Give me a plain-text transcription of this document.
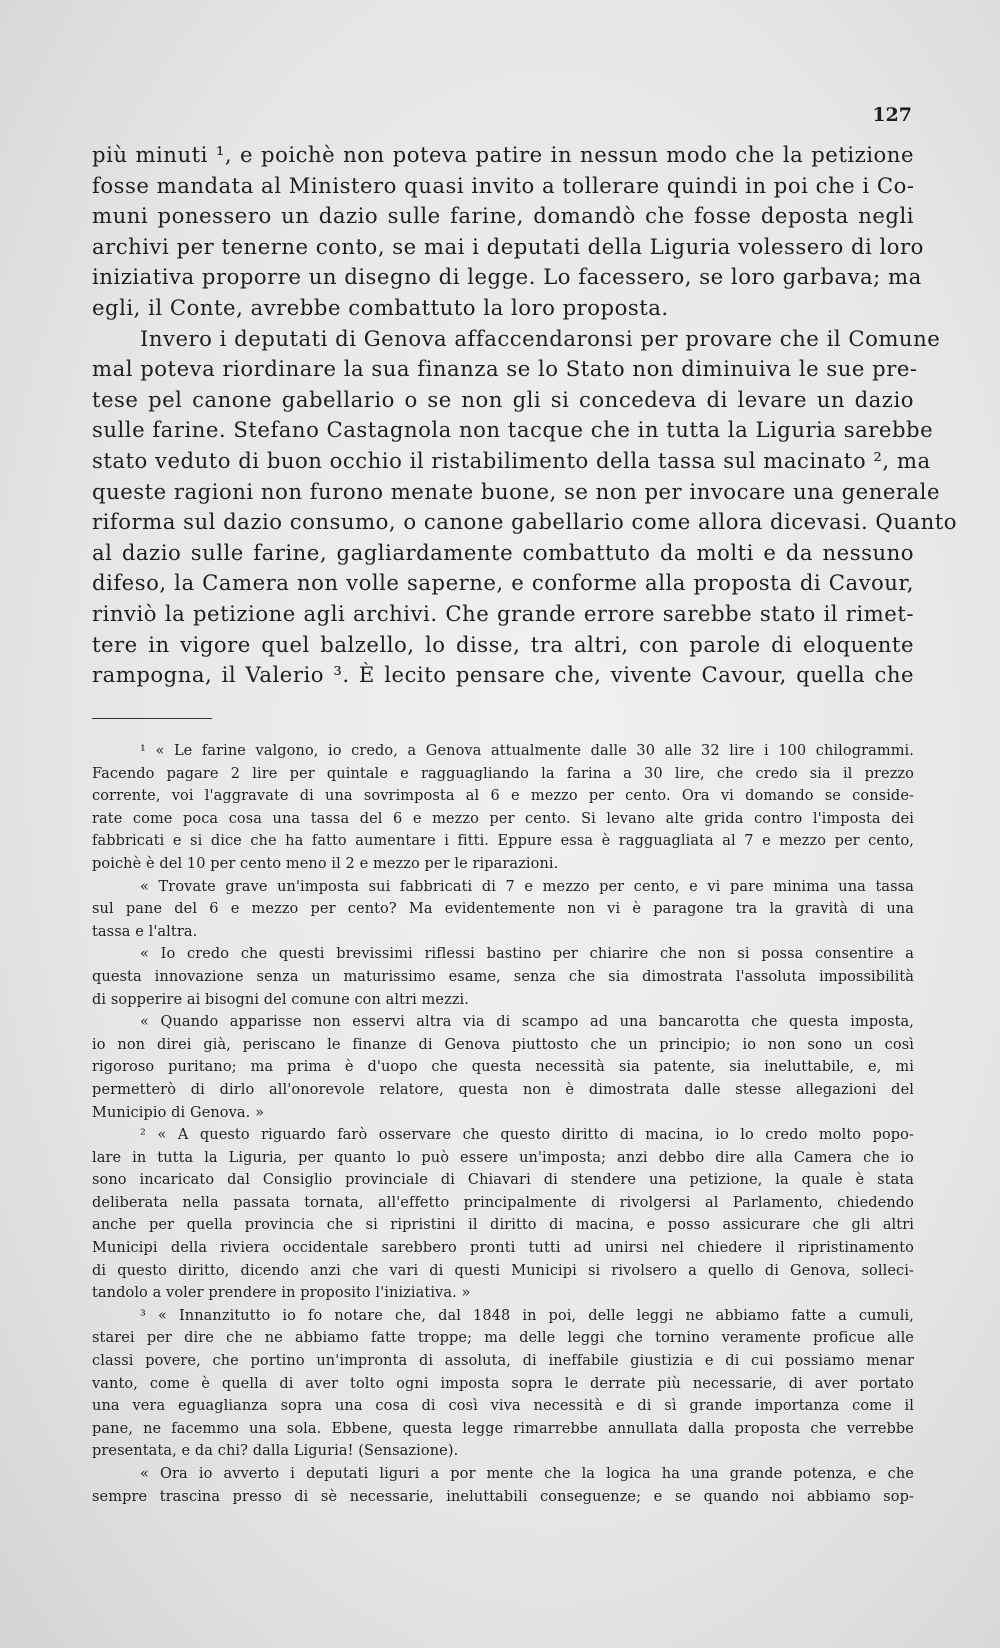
127
più minuti ¹, e poichè non poteva patire in nessun modo che la petizione
fosse mandata al Ministero quasi invito a tollerare quindi in poi che i Co-
muni ponessero un dazio sulle farine, domandò che fosse deposta negli
archivi per tenerne conto, se mai i deputati della Liguria volessero di loro
iniziativa proporre un disegno di legge. Lo facessero, se loro garbava; ma
egli, il Conte, avrebbe combattuto la loro proposta.
Invero i deputati di Genova affaccendaronsi per provare che il Comune
mal poteva riordinare la sua finanza se lo Stato non diminuiva le sue pre-
tese pel canone gabellario o se non gli si concedeva di levare un dazio
sulle farine. Stefano Castagnola non tacque che in tutta la Liguria sarebbe
stato veduto di buon occhio il ristabilimento della tassa sul macinato ², ma
queste ragioni non furono menate buone, se non per invocare una generale
riforma sul dazio consumo, o canone gabellario come allora dicevasi. Quanto
al dazio sulle farine, gagliardamente combattuto da molti e da nessuno
difeso, la Camera non volle saperne, e conforme alla proposta di Cavour,
rinviò la petizione agli archivi. Che grande errore sarebbe stato il rimet-
tere in vigore quel balzello, lo disse, tra altri, con parole di eloquente
rampogna, il Valerio ³. È lecito pensare che, vivente Cavour, quella che
¹ « Le farine valgono, io credo, a Genova attualmente dalle 30 alle 32 lire i 100 chilogrammi.
Facendo pagare 2 lire per quintale e ragguagliando la farina a 30 lire, che credo sia il prezzo
corrente, voi l'aggravate di una sovrimposta al 6 e mezzo per cento. Ora vi domando se conside-
rate come poca cosa una tassa del 6 e mezzo per cento. Si levano alte grida contro l'imposta dei
fabbricati e si dice che ha fatto aumentare i fitti. Eppure essa è ragguagliata al 7 e mezzo per cento,
poichè è del 10 per cento meno il 2 e mezzo per le riparazioni.
« Trovate grave un'imposta sui fabbricati di 7 e mezzo per cento, e vi pare minima una tassa
sul pane del 6 e mezzo per cento? Ma evidentemente non vi è paragone tra la gravità di una
tassa e l'altra.
« Io credo che questi brevissimi riflessi bastino per chiarire che non si possa consentire a
questa innovazione senza un maturissimo esame, senza che sia dimostrata l'assoluta impossibilità
di sopperire ai bisogni del comune con altri mezzi.
« Quando apparisse non esservi altra via di scampo ad una bancarotta che questa imposta,
io non direi già, periscano le finanze di Genova piuttosto che un principio; io non sono un così
rigoroso puritano; ma prima è d'uopo che questa necessità sia patente, sia ineluttabile, e, mi
permetterò di dirlo all'onorevole relatore, questa non è dimostrata dalle stesse allegazioni del
Municipio di Genova. »
² « A questo riguardo farò osservare che questo diritto di macina, io lo credo molto popo-
lare in tutta la Liguria, per quanto lo può essere un'imposta; anzi debbo dire alla Camera che io
sono incaricato dal Consiglio provinciale di Chiavari di stendere una petizione, la quale è stata
deliberata nella passata tornata, all'effetto principalmente di rivolgersi al Parlamento, chiedendo
anche per quella provincia che si ripristini il diritto di macina, e posso assicurare che gli altri
Municipi della riviera occidentale sarebbero pronti tutti ad unirsi nel chiedere il ripristinamento
di questo diritto, dicendo anzi che vari di questi Municipi si rivolsero a quello di Genova, solleci-
tandolo a voler prendere in proposito l'iniziativa. »
³ « Innanzitutto io fo notare che, dal 1848 in poi, delle leggi ne abbiamo fatte a cumuli,
starei per dire che ne abbiamo fatte troppe; ma delle leggi che tornino veramente proficue alle
classi povere, che portino un'impronta di assoluta, di ineffabile giustizia e di cui possiamo menar
vanto, come è quella di aver tolto ogni imposta sopra le derrate più necessarie, di aver portato
una vera eguaglianza sopra una cosa di così viva necessità e di sì grande importanza come il
pane, ne facemmo una sola. Ebbene, questa legge rimarrebbe annullata dalla proposta che verrebbe
presentata, e da chi? dalla Liguria! (Sensazione).
« Ora io avverto i deputati liguri a por mente che la logica ha una grande potenza, e che
sempre trascina presso di sè necessarie, ineluttabili conseguenze; e se quando noi abbiamo sop-
